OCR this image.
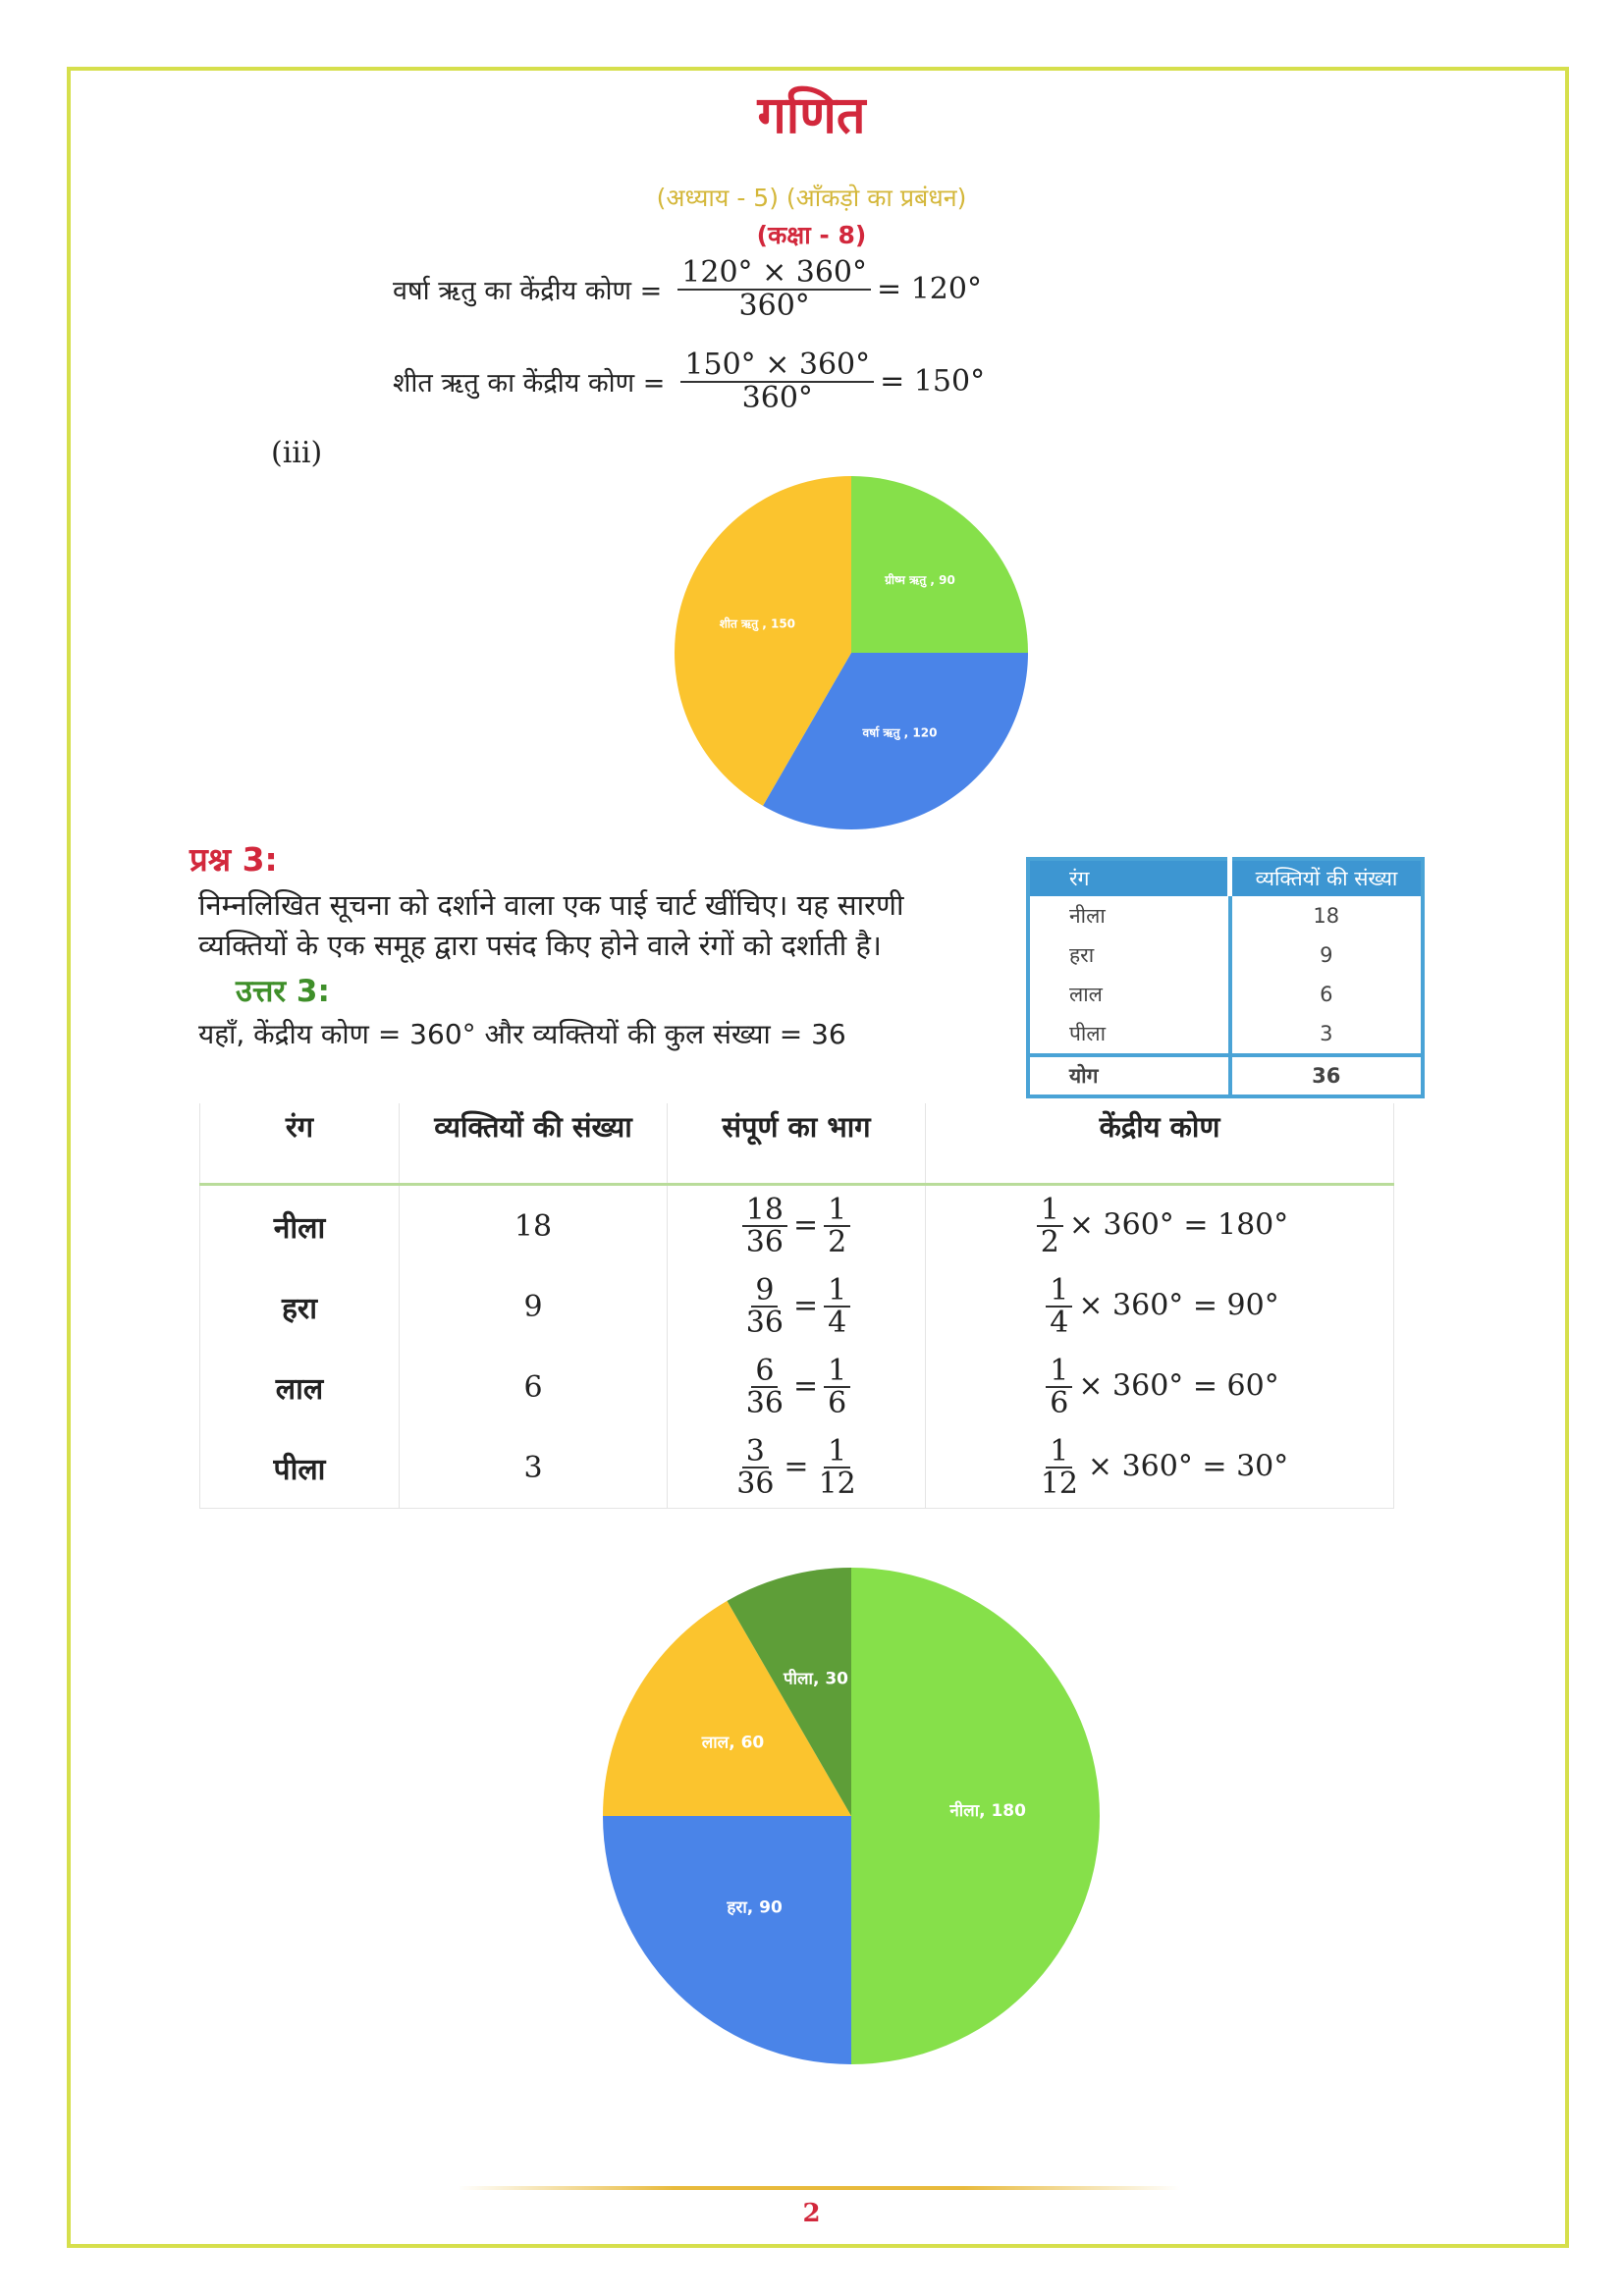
गणित
(अध्याय - 5) (आँकड़ो का प्रबंधन)
(कक्षा - 8)
वर्षा ऋतु का केंद्रीय कोण = $\frac{120^\circ \times 360^\circ}{360^\circ} = 120^\circ$
शीत ऋतु का केंद्रीय कोण = $\frac{150^\circ \times 360^\circ}{360^\circ} = 150^\circ$
(iii)
ग्रीष्म ऋतु , 90
वर्षा ऋतु , 120
शीत ऋतु , 150
प्रश्न 3:
निम्नलिखित सूचना को दर्शाने वाला एक पाई चार्ट खींचिए। यह सारणी
व्यक्तियों के एक समूह द्वारा पसंद किए होने वाले रंगों को दर्शाती है।
उत्तर 3:
यहाँ, केंद्रीय कोण = 360° और व्यक्तियों की कुल संख्या = 36
रंग	व्यक्तियों की संख्या
नीला	18
हरा	9
लाल	6
पीला	3
योग	36
रंग	व्यक्तियों की संख्या	संपूर्ण का भाग	केंद्रीय कोण
नीला	18	$\frac{18}{36} = \frac{1}{2}$	$\frac{1}{2} \times 360^\circ = 180^\circ$
हरा	9	$\frac{9}{36} = \frac{1}{4}$	$\frac{1}{4} \times 360^\circ = 90^\circ$
लाल	6	$\frac{6}{36} = \frac{1}{6}$	$\frac{1}{6} \times 360^\circ = 60^\circ$
पीला	3	$\frac{3}{36} = \frac{1}{12}$	$\frac{1}{12} \times 360^\circ = 30^\circ$
नीला, 180
हरा, 90
लाल, 60
पीला, 30
2
